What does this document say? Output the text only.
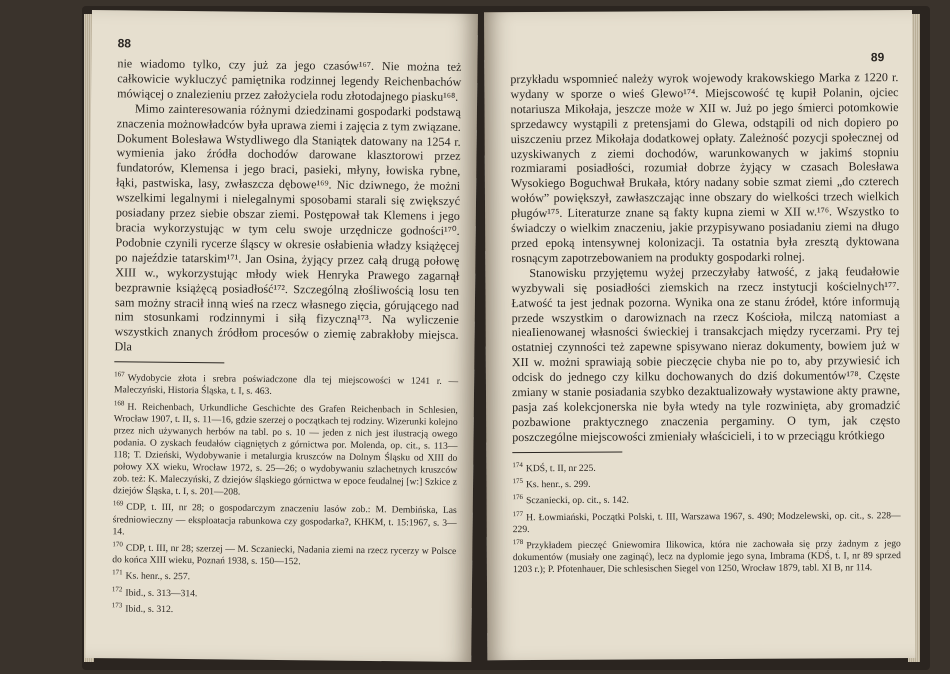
88

nie wiadomo tylko, czy już za jego czasów¹⁶⁷. Nie można też całkowicie wykluczyć pamiętnika rodzinnej legendy Reichenbachów mówiącej o znalezieniu przez założyciela rodu złotodajnego piasku¹⁶⁸.

Mimo zainteresowania różnymi dziedzinami gospodarki podstawą znaczenia możnowładców była uprawa ziemi i zajęcia z tym związane. Dokument Bolesława Wstydliwego dla Staniątek datowany na 1254 r. wymienia jako źródła dochodów darowane klasztorowi przez fundatorów, Klemensa i jego braci, pasieki, młyny, łowiska rybne, łąki, pastwiska, lasy, zwłaszcza dębowe¹⁶⁹. Nic dziwnego, że możni wszelkimi legalnymi i nielegalnymi sposobami starali się zwiększyć posiadany przez siebie obszar ziemi. Postępował tak Klemens i jego bracia wykorzystując w tym celu swoje urzędnicze godności¹⁷⁰. Podobnie czynili rycerze śląscy w okresie osłabienia władzy książęcej po najeździe tatarskim¹⁷¹. Jan Osina, żyjący przez całą drugą połowę XIII w., wykorzystując młody wiek Henryka Prawego zagarnął bezprawnie książęcą posiadłość¹⁷². Szczególną złośliwością losu ten sam możny stracił inną wieś na rzecz własnego zięcia, górującego nad nim stosunkami rodzinnymi i siłą fizyczną¹⁷³. Na wyliczenie wszystkich znanych źródłom procesów o ziemię zabrakłoby miejsca. Dla

$^{167}$ Wydobycie złota i srebra poświadczone dla tej miejscowości w 1241 r. — Maleczyński, Historia Śląska, t. I, s. 463.

$^{168}$ H. Reichenbach, Urkundliche Geschichte des Grafen Reichenbach in Schlesien, Wrocław 1907, t. II, s. 11—16, gdzie szerzej o początkach tej rodziny. Wizerunki kolejno przez nich używanych herbów na tabl. po s. 10 — jeden z nich jest ilustracją owego podania. O zyskach feudałów ciągniętych z górnictwa por. Molenda, op. cit., s. 113—118; T. Dzieński, Wydobywanie i metalurgia kruszców na Dolnym Śląsku od XIII do połowy XX wieku, Wrocław 1972, s. 25—26; o wydobywaniu szlachetnych kruszców zob. też: K. Maleczyński, Z dziejów śląskiego górnictwa w epoce feudalnej [w:] Szkice z dziejów Śląska, t. I, s. 201—208.

$^{169}$ CDP, t. III, nr 28; o gospodarczym znaczeniu lasów zob.: M. Dembińska, Las średniowieczny — eksploatacja rabunkowa czy gospodarka?, KHKM, t. 15:1967, s. 3—14.

$^{170}$ CDP, t. III, nr 28; szerzej — M. Sczaniecki, Nadania ziemi na rzecz rycerzy w Polsce do końca XIII wieku, Poznań 1938, s. 150—152.

$^{171}$ Ks. henr., s. 257.

$^{172}$ Ibid., s. 313—314.

$^{173}$ Ibid., s. 312.

89

przykładu wspomnieć należy wyrok wojewody krakowskiego Marka z 1220 r. wydany w sporze o wieś Glewo¹⁷⁴. Miejscowość tę kupił Polanin, ojciec notariusza Mikołaja, jeszcze może w XII w. Już po jego śmierci potomkowie sprzedawcy wystąpili z pretensjami do Glewa, odstąpili od nich dopiero po uiszczeniu przez Mikołaja dodatkowej opłaty. Zależność pozycji społecznej od uzyskiwanych z ziemi dochodów, warunkowanych w jakimś stopniu rozmiarami posiadłości, rozumiał dobrze żyjący w czasach Bolesława Wysokiego Boguchwał Brukała, który nadany sobie szmat ziemi „do czterech wołów” powiększył, zawłaszczając inne obszary do wielkości trzech wielkich pługów¹⁷⁵. Literaturze znane są fakty kupna ziemi w XII w.¹⁷⁶. Wszystko to świadczy o wielkim znaczeniu, jakie przypisywano posiadaniu ziemi na długo przed epoką intensywnej kolonizacji. Ta ostatnia była zresztą dyktowana rosnącym zapotrzebowaniem na produkty gospodarki rolnej.

Stanowisku przyjętemu wyżej przeczyłaby łatwość, z jaką feudałowie wyzbywali się posiadłości ziemskich na rzecz instytucji kościelnych¹⁷⁷. Łatwość ta jest jednak pozorna. Wynika ona ze stanu źródeł, które informują przede wszystkim o darowiznach na rzecz Kościoła, milczą natomiast a nieaIienowanej własności świeckiej i transakcjach między rycerzami. Pry tej ostatniej czynności też zapewne spisywano nieraz dokumenty, bowiem już w XII w. możni sprawiają sobie pieczęcie chyba nie po to, aby przywiesić ich odcisk do jednego czy kilku dochowanych do dziś dokumentów¹⁷⁸. Częste zmiany w stanie posiadania szybko dezaktualizowały wystawione akty prawne, pasja zaś kolekcjonerska nie była wtedy na tyle rozwinięta, aby gromadzić pozbawione praktycznego znaczenia pergaminy. O tym, jak często poszczególne miejscowości zmieniały właścicieli, i to w przeciągu krótkiego

$^{174}$ KDŚ, t. II, nr 225.

$^{175}$ Ks. henr., s. 299.

$^{176}$ Sczaniecki, op. cit., s. 142.

$^{177}$ H. Łowmiański, Początki Polski, t. III, Warszawa 1967, s. 490; Modzelewski, op. cit., s. 228—229.

$^{178}$ Przykładem pieczęć Gniewomira Ilikowica, która nie zachowała się przy żadnym z jego dokumentów (musiały one zaginąć), lecz na dyplomie jego syna, Imbrama (KDŚ, t. I, nr 89 sprzed 1203 r.); P. Pfotenhauer, Die schlesischen Siegel von 1250, Wrocław 1879, tabl. XI B, nr 114.
